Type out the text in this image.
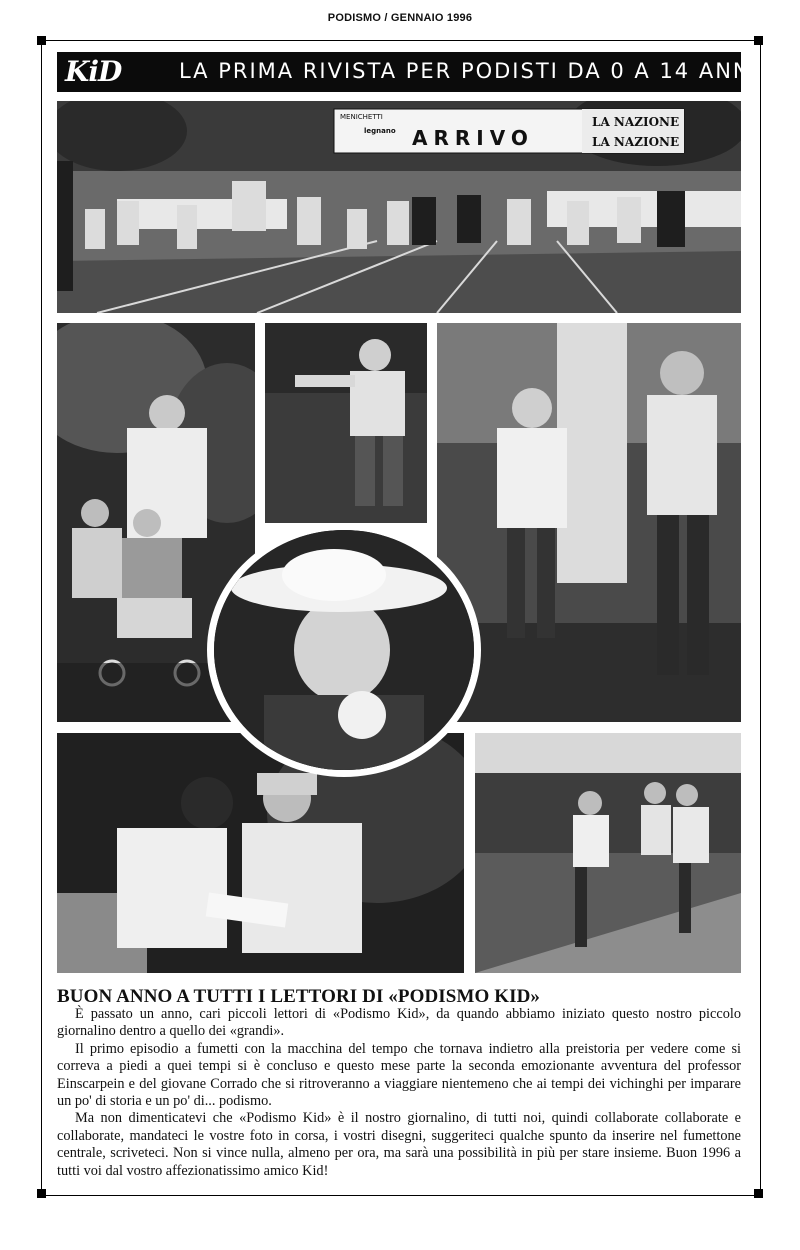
PODISMO / GENNAIO 1996
KiD	LA PRIMA RIVISTA PER PODISTI DA 0 A 14 ANNI
ARRIVO
MENICHETTI
legnano
LA NAZIONE
LA NAZIONE
BUON ANNO A TUTTI I LETTORI DI «PODISMO KID»

È passato un anno, cari piccoli lettori di «Podismo Kid», da quando abbiamo iniziato questo nostro piccolo giornalino dentro a quello dei «grandi».

Il primo episodio a fumetti con la macchina del tempo che tornava indietro alla preistoria per vedere come si correva a piedi a quei tempi si è concluso e questo mese parte la seconda emozionante avventura del professor Einscarpein e del giovane Corrado che si ritroveranno a viaggiare nientemeno che ai tempi dei vichinghi per imparare un po' di storia e un po' di... podismo.

Ma non dimenticatevi che «Podismo Kid» è il nostro giornalino, di tutti noi, quindi collaborate collaborate e collaborate, mandateci le vostre foto in corsa, i vostri disegni, suggeriteci qualche spunto da inserire nel fumettone centrale, scriveteci. Non si vince nulla, almeno per ora, ma sarà una possibilità in più per stare insieme. Buon 1996 a tutti voi dal vostro affezionatissimo amico Kid!
